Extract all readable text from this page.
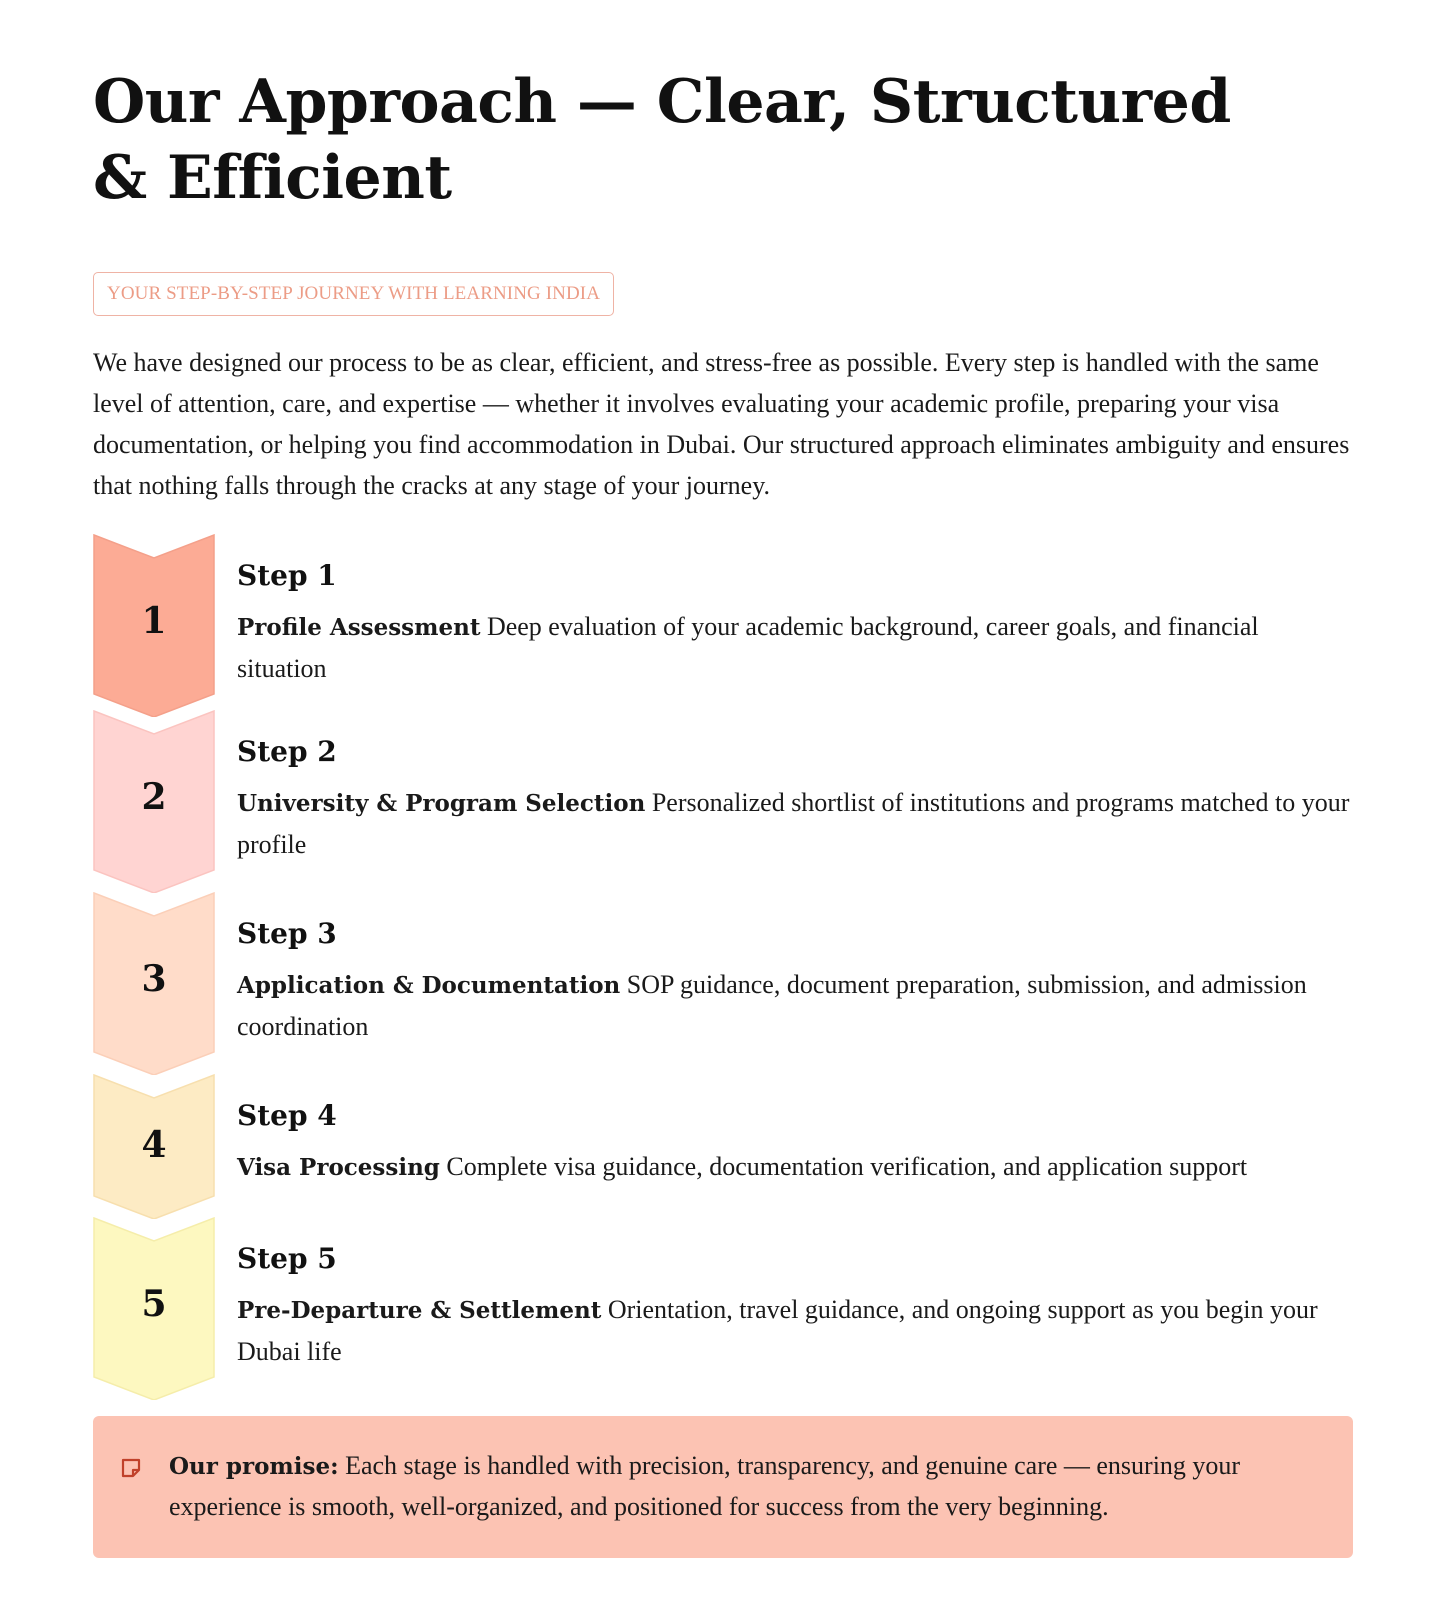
Our Approach — Clear, Structured & Efficient
YOUR STEP-BY-STEP JOURNEY WITH LEARNING INDIA

We have designed our process to be as clear, efficient, and stress-free as possible. Every step is handled with the same level of attention, care, and expertise — whether it involves evaluating your academic profile, preparing your visa documentation, or helping you find accommodation in Dubai. Our structured approach eliminates ambiguity and ensures that nothing falls through the cracks at any stage of your journey.

1
Step 1

Profile Assessment Deep evaluation of your academic background, career goals, and financial situation

2
Step 2

University & Program Selection Personalized shortlist of institutions and programs matched to your profile

3
Step 3

Application & Documentation SOP guidance, document preparation, submission, and admission coordination

4
Step 4

Visa Processing Complete visa guidance, documentation verification, and application support

5
Step 5

Pre-Departure & Settlement Orientation, travel guidance, and ongoing support as you begin your Dubai life

Our promise: Each stage is handled with precision, transparency, and genuine care — ensuring your experience is smooth, well-organized, and positioned for success from the very beginning.
